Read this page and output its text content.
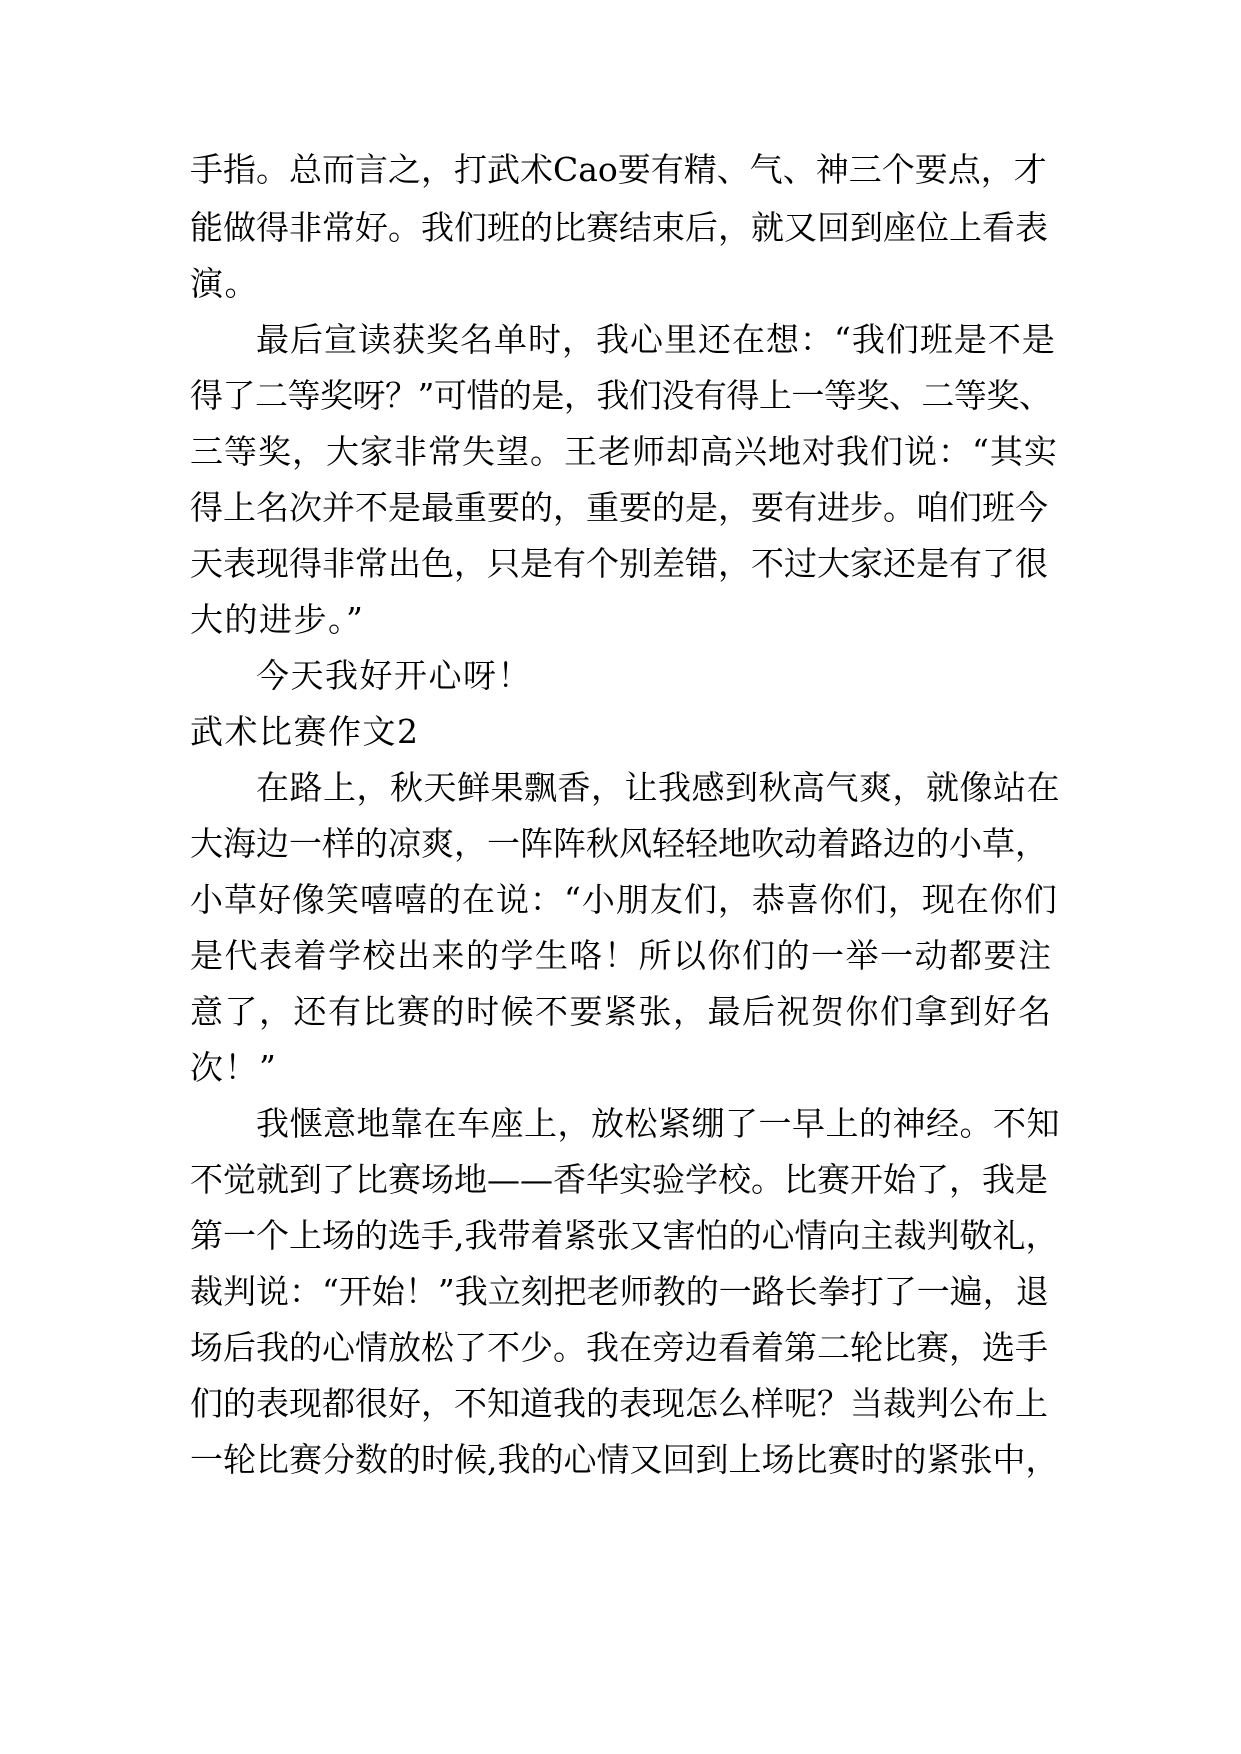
手指。总而言之，打武术Cao要有精、气、神三个要点，才
能做得非常好。我们班的比赛结束后，就又回到座位上看表
演。
最后宣读获奖名单时，我心里还在想：“我们班是不是
得了二等奖呀？”可惜的是，我们没有得上一等奖、二等奖、
三等奖，大家非常失望。王老师却高兴地对我们说：“其实
得上名次并不是最重要的，重要的是，要有进步。咱们班今
天表现得非常出色，只是有个别差错，不过大家还是有了很
大的进步。”
今天我好开心呀！
武术比赛作文2
在路上，秋天鲜果飘香，让我感到秋高气爽，就像站在
大海边一样的凉爽，一阵阵秋风轻轻地吹动着路边的小草，
小草好像笑嘻嘻的在说：“小朋友们，恭喜你们，现在你们
是代表着学校出来的学生咯！所以你们的一举一动都要注
意了，还有比赛的时候不要紧张，最后祝贺你们拿到好名
次！”
我惬意地靠在车座上，放松紧绷了一早上的神经。不知
不觉就到了比赛场地——香华实验学校。比赛开始了，我是
第一个上场的选手,我带着紧张又害怕的心情向主裁判敬礼，
裁判说：“开始！”我立刻把老师教的一路长拳打了一遍，退
场后我的心情放松了不少。我在旁边看着第二轮比赛，选手
们的表现都很好，不知道我的表现怎么样呢？当裁判公布上
一轮比赛分数的时候,我的心情又回到上场比赛时的紧张中，
